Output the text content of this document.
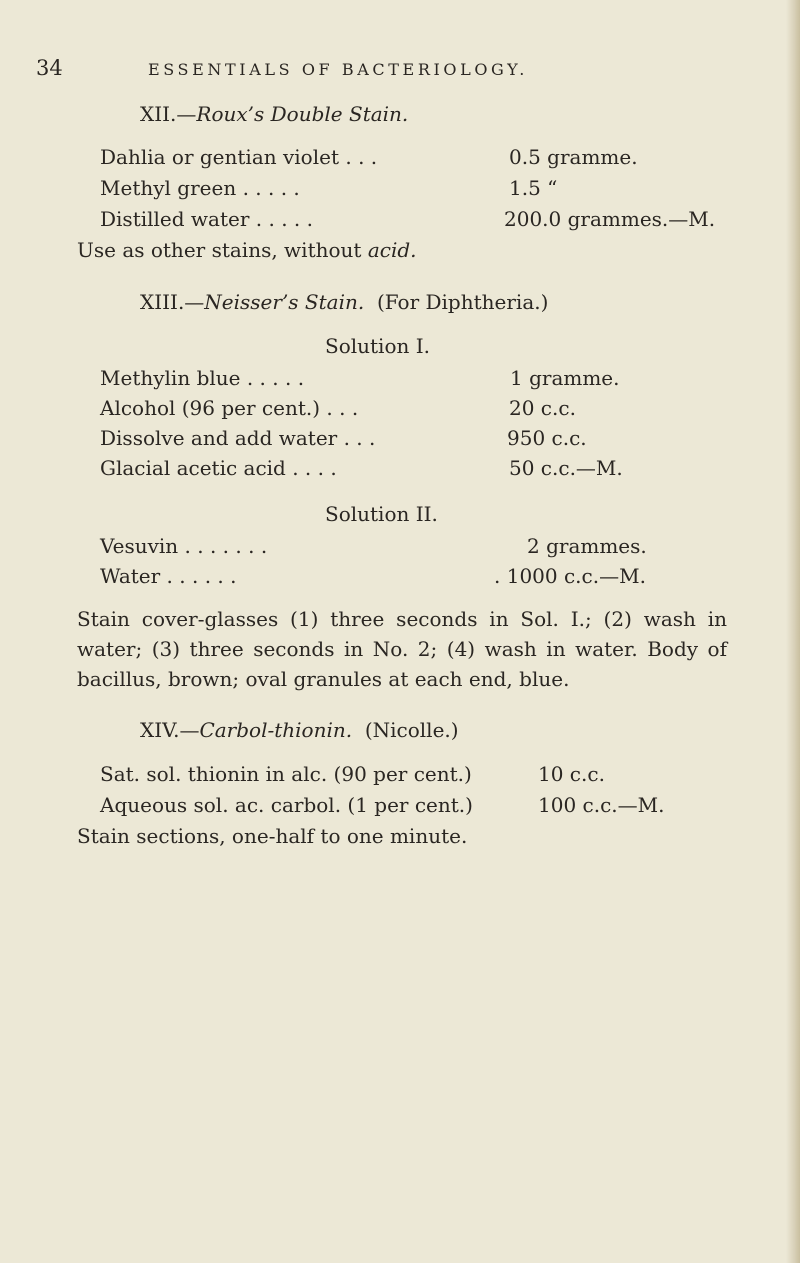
34	ESSENTIALS OF BACTERIOLOGY.
XII.—Roux’s Double Stain.
Dahlia or gentian violet . . .	0.5 gramme.
Methyl green . . . . .	1.5 “
Distilled water . . . . .	200.0 grammes.—M.
Use as other stains, without acid.
XIII.—Neisser’s Stain. (For Diphtheria.)
Solution I.
Methylin blue . . . . .	1 gramme.
Alcohol (96 per cent.) . . .	20 c.c.
Dissolve and add water . . .	950 c.c.
Glacial acetic acid . . . .	50 c.c.—M.
Solution II.
Vesuvin . . . . . . .	2 grammes.
Water . . . . . .	. 1000 c.c.—M.
Stain cover-glasses (1) three seconds in Sol. I.; (2) wash in water; (3) three seconds in No. 2; (4) wash in water. Body of bacillus, brown; oval granules at each end, blue.
XIV.—Carbol-thionin. (Nicolle.)
Sat. sol. thionin in alc. (90 per cent.)	10 c.c.
Aqueous sol. ac. carbol. (1 per cent.)	100 c.c.—M.
Stain sections, one-half to one minute.
